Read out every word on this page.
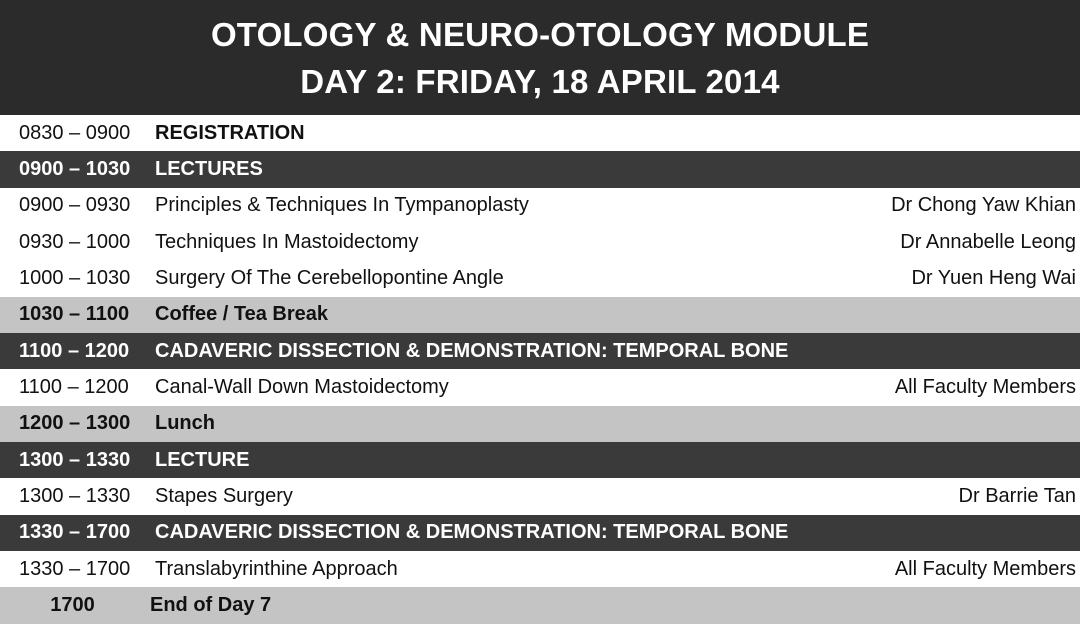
OTOLOGY & NEURO-OTOLOGY MODULE
DAY 2: FRIDAY, 18 APRIL 2014
0830 – 0900	REGISTRATION
0900 – 1030	LECTURES
0900 – 0930	Principles & Techniques In Tympanoplasty	Dr Chong Yaw Khian
0930 – 1000	Techniques In Mastoidectomy	Dr Annabelle Leong
1000 – 1030	Surgery Of The Cerebellopontine Angle	Dr Yuen Heng Wai
1030 – 1100	Coffee / Tea Break
1100 – 1200	CADAVERIC DISSECTION & DEMONSTRATION: TEMPORAL BONE
1100 – 1200	Canal-Wall Down Mastoidectomy	All Faculty Members
1200 – 1300	Lunch
1300 – 1330	LECTURE
1300 – 1330	Stapes Surgery	Dr Barrie Tan
1330 – 1700	CADAVERIC DISSECTION & DEMONSTRATION: TEMPORAL BONE
1330 – 1700	Translabyrinthine Approach	All Faculty Members
1700	End of Day 7
